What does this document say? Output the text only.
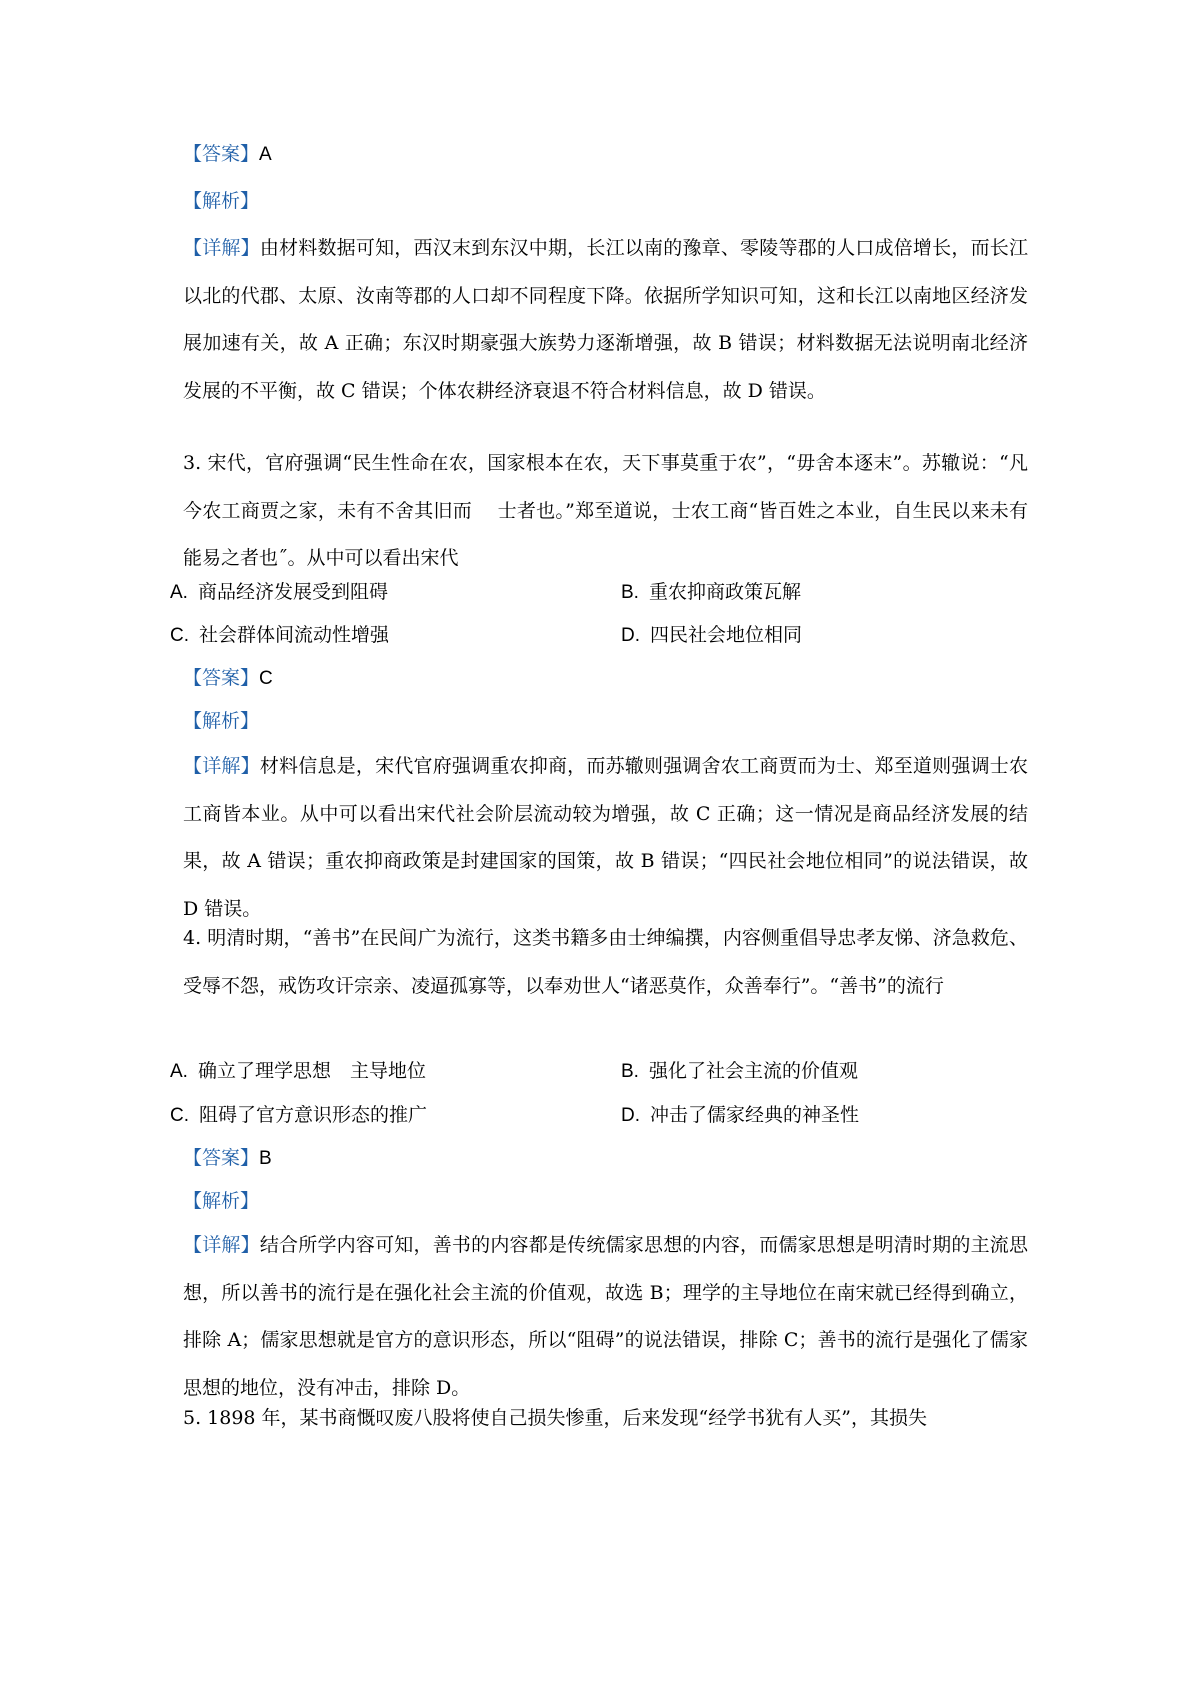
【答案】A
【解析】
【详解】由材料数据可知，西汉末到东汉中期，长江以南的豫章、零陵等郡的人口成倍增长，而长江以北的代郡、太原、汝南等郡的人口却不同程度下降。依据所学知识可知，这和长江以南地区经济发展加速有关，故 A 正确；东汉时期豪强大族势力逐渐增强，故 B 错误；材料数据无法说明南北经济发展的不平衡，故 C 错误；个体农耕经济衰退不符合材料信息，故 D 错误。
3. 宋代，官府强调“民生性命在农，国家根本在农，天下事莫重于农”，“毋舍本逐末”。苏辙说：“凡今农工商贾之家，未有不舍其旧而　 士者也。”郑至道说，士农工商“皆百姓之本业，自生民以来未有能易之者也˝。从中可以看出宋代
A. 商品经济发展受到阻碍	B. 重农抑商政策瓦解
C. 社会群体间流动性增强	D. 四民社会地位相同
【答案】C
【解析】
【详解】材料信息是，宋代官府强调重农抑商，而苏辙则强调舍农工商贾而为士、郑至道则强调士农工商皆本业。从中可以看出宋代社会阶层流动较为增强，故 C 正确；这一情况是商品经济发展的结果，故 A 错误；重农抑商政策是封建国家的国策，故 B 错误；“四民社会地位相同”的说法错误，故 D 错误。
4. 明清时期，“善书”在民间广为流行，这类书籍多由士绅编撰，内容侧重倡导忠孝友悌、济急救危、受辱不怨，戒饬攻讦宗亲、凌逼孤寡等，以奉劝世人“诸恶莫作，众善奉行”。“善书”的流行
A. 确立了理学思想　主导地位	B. 强化了社会主流的价值观
C. 阻碍了官方意识形态的推广	D. 冲击了儒家经典的神圣性
【答案】B
【解析】
【详解】结合所学内容可知，善书的内容都是传统儒家思想的内容，而儒家思想是明清时期的主流思想，所以善书的流行是在强化社会主流的价值观，故选 B；理学的主导地位在南宋就已经得到确立，排除 A；儒家思想就是官方的意识形态，所以“阻碍”的说法错误，排除 C；善书的流行是强化了儒家思想的地位，没有冲击，排除 D。
5. 1898 年，某书商慨叹废八股将使自己损失惨重，后来发现“经学书犹有人买”，其损失
